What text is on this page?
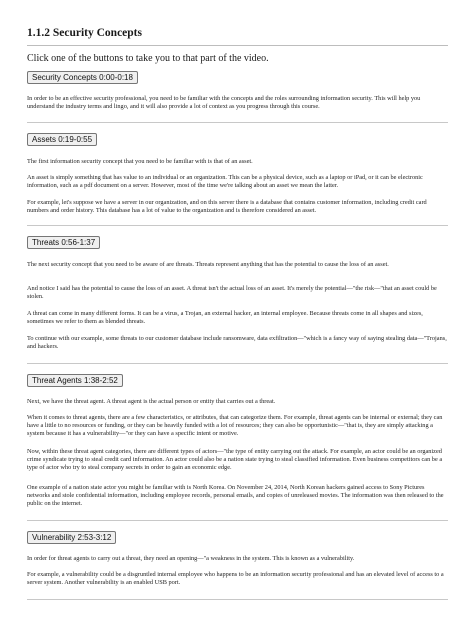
1.1.2 Security Concepts

Click one of the buttons to take you to that part of the video.

Security Concepts 0:00-0:18

In order to be an effective security professional, you need to be familiar with the concepts and the roles surrounding information security. This will help you understand the industry terms and lingo, and it will also provide a lot of context as you progress through this course.

Assets 0:19-0:55

The first information security concept that you need to be familiar with is that of an asset.

An asset is simply something that has value to an individual or an organization. This can be a physical device, such as a laptop or iPad, or it can be electronic information, such as a pdf document on a server. However, most of the time we're talking about an asset we mean the latter.

For example, let's suppose we have a server in our organization, and on this server there is a database that contains customer information, including credit card numbers and order history. This database has a lot of value to the organization and is therefore considered an asset.

Threats 0:56-1:37

The next security concept that you need to be aware of are threats. Threats represent anything that has the potential to cause the loss of an asset.

And notice I said has the potential to cause the loss of an asset. A threat isn't the actual loss of an asset. It's merely the potential—"the risk—"that an asset could be stolen.

A threat can come in many different forms. It can be a virus, a Trojan, an external hacker, an internal employee. Because threats come in all shapes and sizes, sometimes we refer to them as blended threats.

To continue with our example, some threats to our customer database include ransomware, data exfiltration—"which is a fancy way of saying stealing data—"Trojans, and hackers.

Threat Agents 1:38-2:52

Next, we have the threat agent. A threat agent is the actual person or entity that carries out a threat.

When it comes to threat agents, there are a few characteristics, or attributes, that can categorize them. For example, threat agents can be internal or external; they can have a little to no resources or funding, or they can be heavily funded with a lot of resources; they can also be opportunistic—"that is, they are simply attacking a system because it has a vulnerability—"or they can have a specific intent or motive.

Now, within these threat agent categories, there are different types of actors—"the type of entity carrying out the attack. For example, an actor could be an organized crime syndicate trying to steal credit card information. An actor could also be a nation state trying to steal classified information. Even business competitors can be a type of actor who try to steal company secrets in order to gain an economic edge.

One example of a nation state actor you might be familiar with is North Korea. On November 24, 2014, North Korean hackers gained access to Sony Pictures networks and stole confidential information, including employee records, personal emails, and copies of unreleased movies. The information was then released to the public on the internet.

Vulnerability 2:53-3:12

In order for threat agents to carry out a threat, they need an opening—"a weakness in the system. This is known as a vulnerability.

For example, a vulnerability could be a disgruntled internal employee who happens to be an information security professional and has an elevated level of access to a server system. Another vulnerability is an enabled USB port.
